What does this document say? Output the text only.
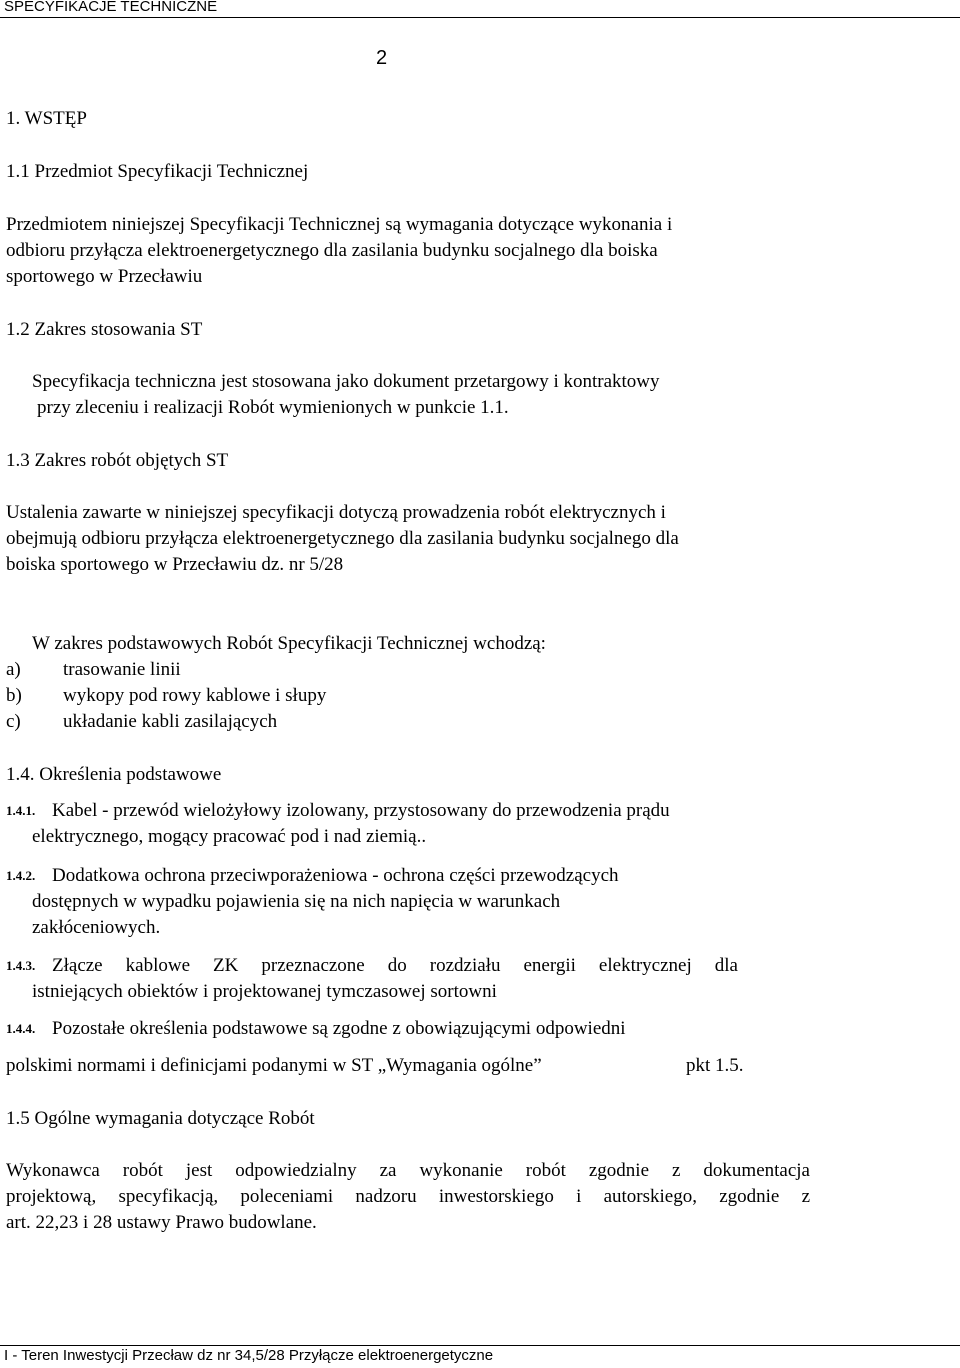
SPECYFIKACJE TECHNICZNE
2
1. WSTĘP
1.1 Przedmiot Specyfikacji Technicznej
Przedmiotem niniejszej Specyfikacji Technicznej są wymagania dotyczące wykonania i
odbioru przyłącza elektroenergetycznego dla zasilania budynku socjalnego dla boiska
sportowego w Przecławiu
1.2 Zakres stosowania ST
Specyfikacja techniczna jest stosowana jako dokument przetargowy i kontraktowy
przy zleceniu i realizacji Robót wymienionych w punkcie 1.1.
1.3 Zakres robót objętych ST
Ustalenia zawarte w niniejszej specyfikacji dotyczą prowadzenia robót elektrycznych i
obejmują odbioru przyłącza elektroenergetycznego dla zasilania budynku socjalnego dla
boiska sportowego w Przecławiu dz. nr 5/28
W zakres podstawowych Robót Specyfikacji Technicznej wchodzą:
a) trasowanie linii
b) wykopy pod rowy kablowe i słupy
c) układanie kabli zasilających
1.4. Określenia podstawowe
1.4.1. Kabel - przewód wielożyłowy izolowany, przystosowany do przewodzenia prądu
elektrycznego, mogący pracować pod i nad ziemią..
1.4.2. Dodatkowa ochrona przeciwporażeniowa - ochrona części przewodzących
dostępnych w wypadku pojawienia się na nich napięcia w warunkach
zakłóceniowych.
1.4.3. Złącze kablowe ZK przeznaczone do rozdziału energii elektrycznej dla
istniejących obiektów i projektowanej tymczasowej sortowni
1.4.4. Pozostałe określenia podstawowe są zgodne z obowiązującymi odpowiedni
polskimi normami i definicjami podanymi w ST „Wymagania ogólne”	pkt 1.5.
1.5 Ogólne wymagania dotyczące Robót
Wykonawca robót jest odpowiedzialny za wykonanie robót zgodnie z dokumentacja
projektową, specyfikacją, poleceniami nadzoru inwestorskiego i autorskiego, zgodnie z
art. 22,23 i 28 ustawy Prawo budowlane.
I - Teren Inwestycji Przecław dz nr 34,5/28 Przyłącze elektroenergetyczne
